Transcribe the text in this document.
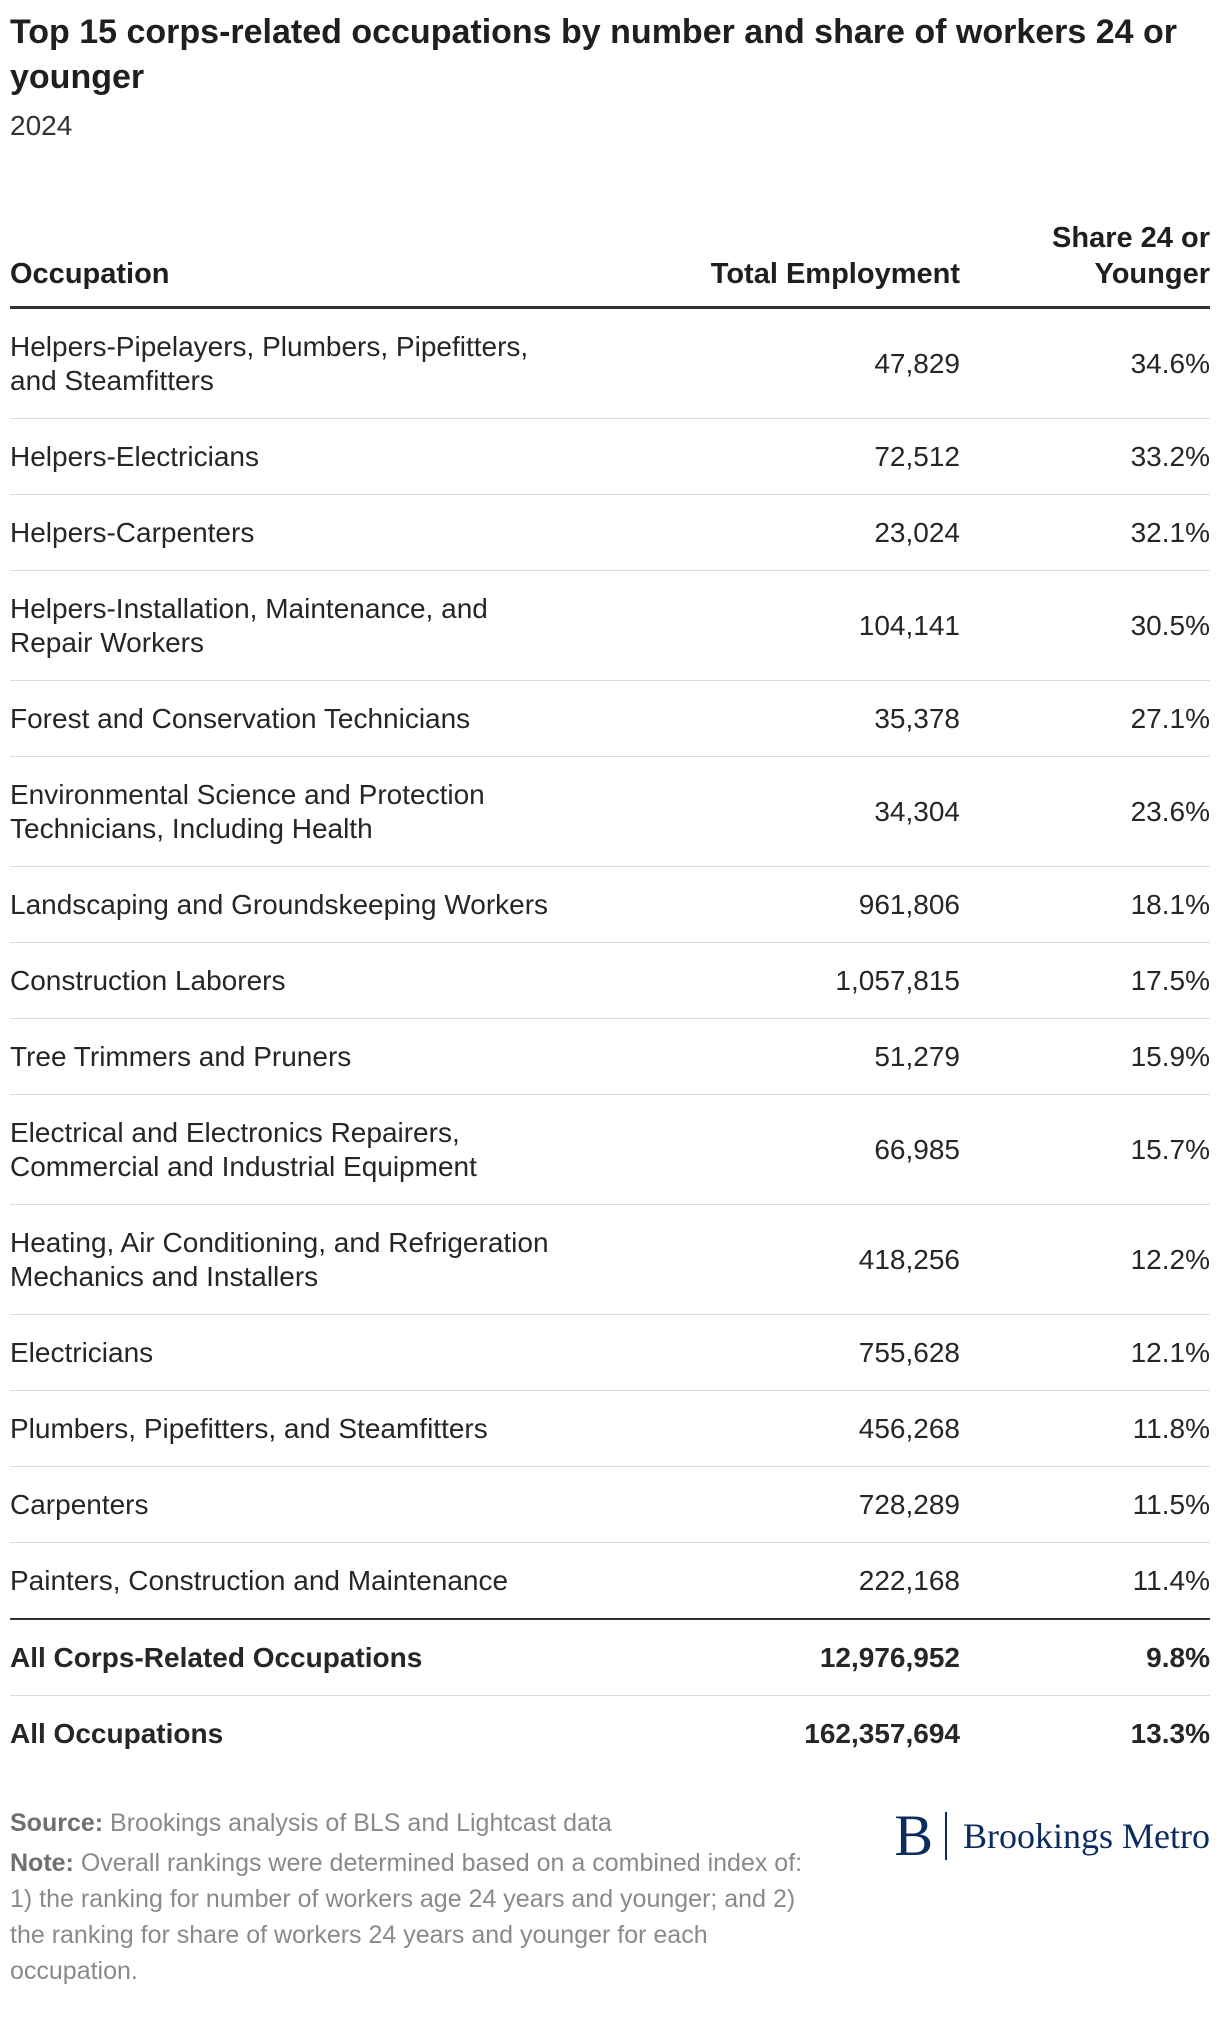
Top 15 corps-related occupations by number and share of workers 24 or younger
2024
Occupation	Total Employment	Share 24 or
Younger
Helpers-Pipelayers, Plumbers, Pipefitters,
and Steamfitters	47,829	34.6%
Helpers-Electricians	72,512	33.2%
Helpers-Carpenters	23,024	32.1%
Helpers-Installation, Maintenance, and
Repair Workers	104,141	30.5%
Forest and Conservation Technicians	35,378	27.1%
Environmental Science and Protection
Technicians, Including Health	34,304	23.6%
Landscaping and Groundskeeping Workers	961,806	18.1%
Construction Laborers	1,057,815	17.5%
Tree Trimmers and Pruners	51,279	15.9%
Electrical and Electronics Repairers,
Commercial and Industrial Equipment	66,985	15.7%
Heating, Air Conditioning, and Refrigeration
Mechanics and Installers	418,256	12.2%
Electricians	755,628	12.1%
Plumbers, Pipefitters, and Steamfitters	456,268	11.8%
Carpenters	728,289	11.5%
Painters, Construction and Maintenance	222,168	11.4%
All Corps-Related Occupations	12,976,952	9.8%
All Occupations	162,357,694	13.3%
Source: Brookings analysis of BLS and Lightcast data
Note: Overall rankings were determined based on a combined index of: 1) the ranking for number of workers age 24 years and younger; and 2) the ranking for share of workers 24 years and younger for each occupation.
B Brookings Metro
